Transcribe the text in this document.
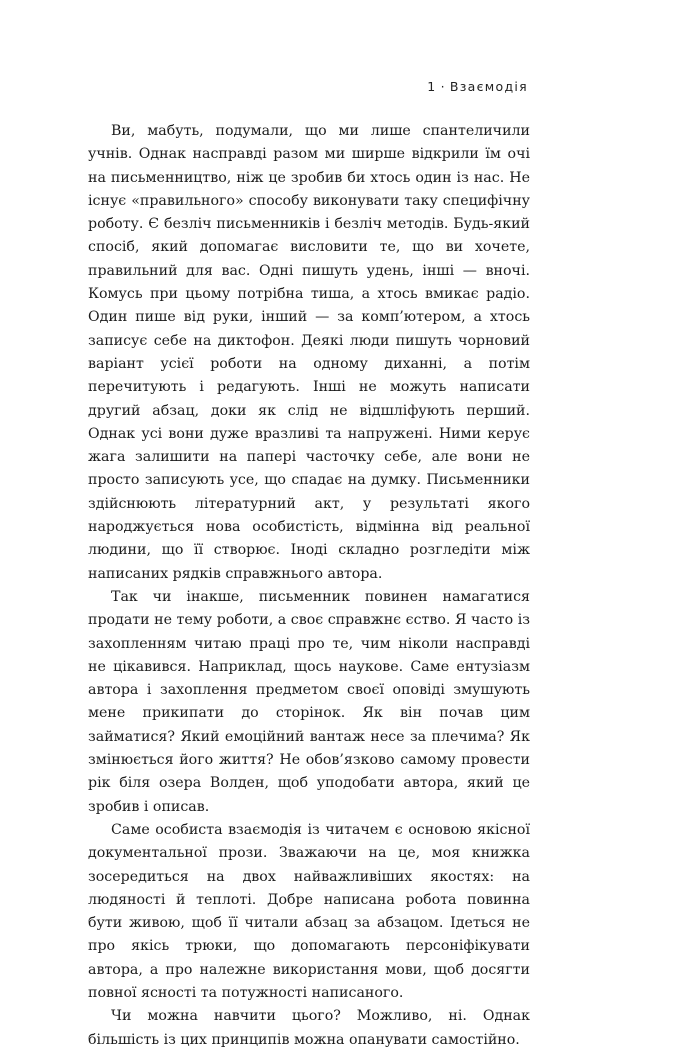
1 · Взаємодія

Ви, мабуть, подумали, що ми лише спантеличили учнів. Однак насправді разом ми ширше відкрили їм очі на письменництво, ніж це зробив би хтось один із нас. Не існує «правильного» способу виконувати таку специфічну роботу. Є безліч письменників і безліч методів. Будь-який спосіб, який допомагає висловити те, що ви хочете, правильний для вас. Одні пишуть удень, інші — вночі. Комусь при цьому потрібна тиша, а хтось вмикає радіо. Один пише від руки, інший — за комп’ютером, а хтось записує себе на диктофон. Деякі люди пишуть чорновий варіант усієї роботи на одному диханні, а потім перечитують і редагують. Інші не можуть написати другий абзац, доки як слід не відшліфують перший. Однак усі вони дуже вразливі та напружені. Ними керує жага залишити на папері часточку себе, але вони не просто записують усе, що спадає на думку. Письменники здійснюють літературний акт, у результаті якого народжується нова особистість, відмінна від реальної людини, що її створює. Іноді складно розгледіти між написаних рядків справжнього автора.

Так чи інакше, письменник повинен намагатися продати не тему роботи, а своє справжнє єство. Я часто із захопленням читаю праці про те, чим ніколи насправді не цікавився. Наприклад, щось наукове. Саме ентузіазм автора і захоплення предметом своєї оповіді змушують мене прикипати до сторінок. Як він почав цим займатися? Який емоційний вантаж несе за плечима? Як змінюється його життя? Не обов’язково самому провести рік біля озера Волден, щоб уподобати автора, який це зробив і описав.

Саме особиста взаємодія із читачем є основою якісної документальної прози. Зважаючи на це, моя книжка зосередиться на двох найважливіших якостях: на людяності й теплоті. Добре написана робота повинна бути живою, щоб її читали абзац за абзацом. Ідеться не про якісь трюки, що допомагають персоніфікувати автора, а про належне використання мови, щоб досягти повної ясності та потужності написаного.

Чи можна навчити цього? Можливо, ні. Однак більшість із цих принципів можна опанувати самостійно.
